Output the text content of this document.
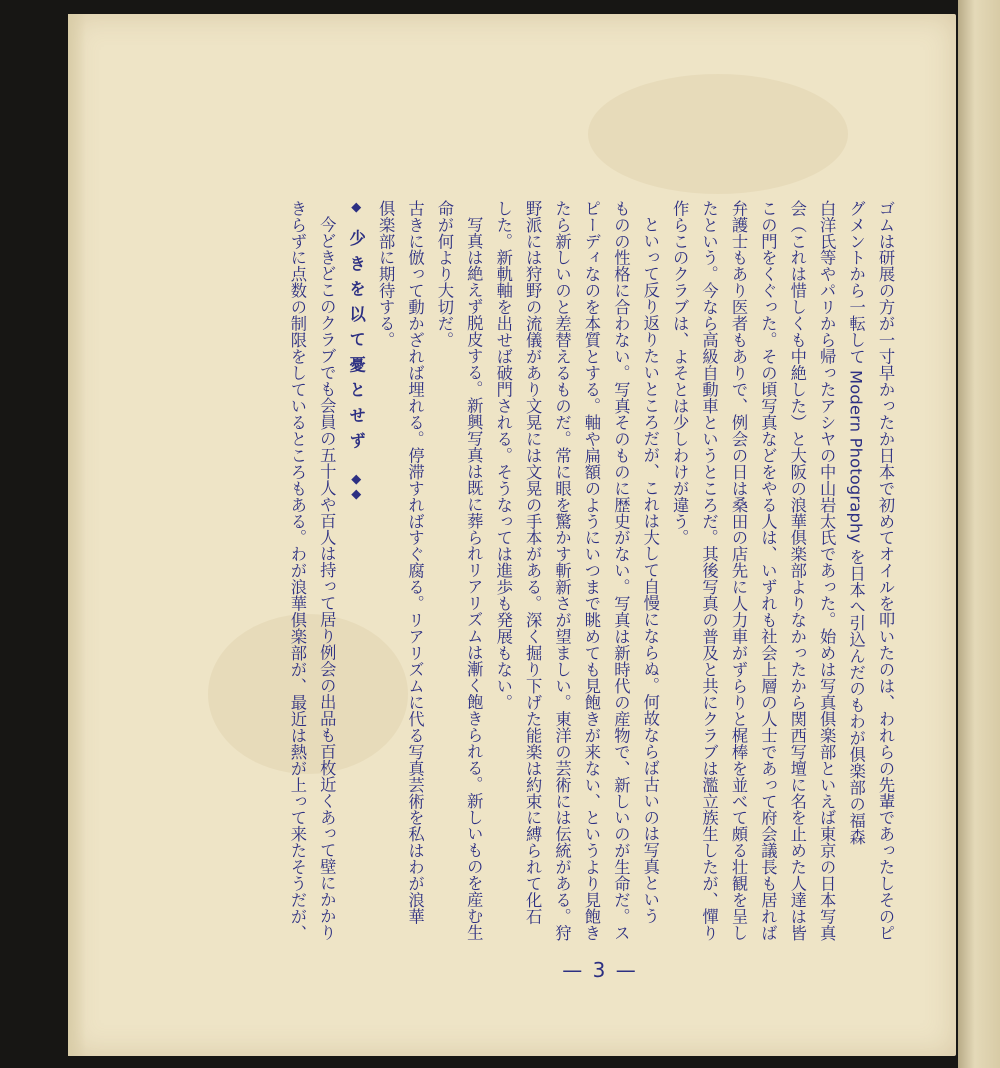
ゴムは研展の方が一寸早かったか日本で初めてオイルを叩いたのは、われらの先輩であったしそのピ

グメントから一転して Modern Photography を日本へ引込んだのもわが俱楽部の福森

白洋氏等やパリから帰ったアシヤの中山岩太氏であった。始めは写真俱楽部といえば東京の日本写真

会（これは惜しくも中絶した）と大阪の浪華俱楽部よりなかったから関西写壇に名を止めた人達は皆

この門をくぐった。その頃写真などをやる人は、いずれも社会上層の人士であって府会議長も居れば

弁護士もあり医者もありで、例会の日は桑田の店先に人力車がずらりと梶棒を並べて頗る壮観を呈し

たという。今なら高級自動車というところだ。其後写真の普及と共にクラブは濫立族生したが、憚り

作らこのクラブは、よそとは少しわけが違う。

といって反り返りたいところだが、これは大して自慢にならぬ。何故ならば古いのは写真という

ものの性格に合わない。写真そのものに歴史がない。写真は新時代の産物で、新しいのが生命だ。ス

ピーディなのを本質とする。軸や扁額のようにいつまで眺めても見飽きが来ない、というより見飽き

たら新しいのと差替えるものだ。常に眼を驚かす斬新さが望ましい。東洋の芸術には伝統がある。狩

野派には狩野の流儀があり文晃には文晃の手本がある。深く掘り下げた能楽は約束に縛られて化石

した。新軌軸を出せば破門される。そうなっては進歩も発展もない。

写真は絶えず脱皮する。新興写真は既に葬られリアリズムは漸く飽きられる。新しいものを産む生

命が何より大切だ。

古きに倣って動かざれば埋れる。停滞すればすぐ腐る。リアリズムに代る写真芸術を私はわが浪華

俱楽部に期待する。

◆ 少きを以て憂とせず ◆◆

今どきどこのクラブでも会員の五十人や百人は持って居り例会の出品も百枚近くあって壁にかかり

きらずに点数の制限をしているところもある。わが浪華俱楽部が、最近は熱が上って来たそうだが、

— 3 —
